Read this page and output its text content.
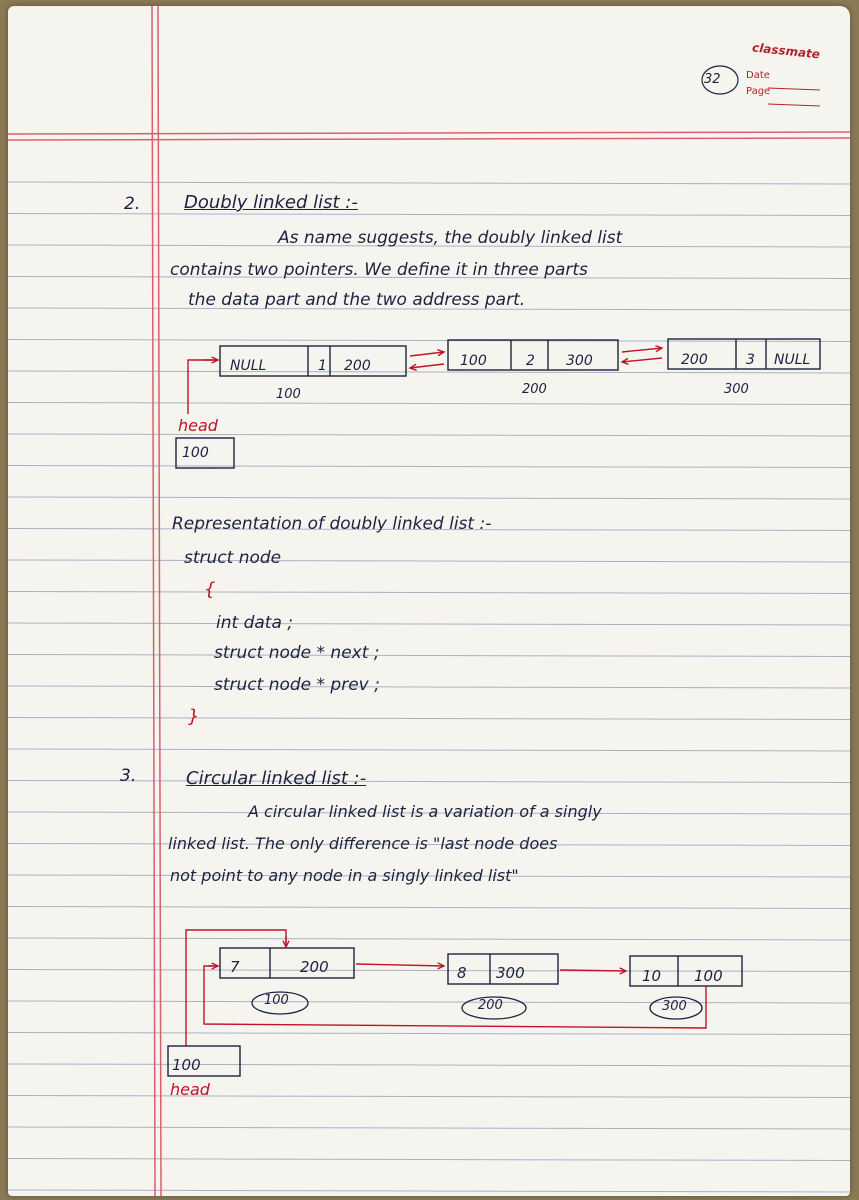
classmate
32	Date
Page
2. Doubly linked list :-
As name suggests, the doubly linked list
contains two pointers. We define it in three parts
the data part and the two address part.
NULL	1 200
100
100	2 300
200
200	3 NULL
300
head
100
Representation of doubly linked list :-
struct node
{
int data ;
struct node * next ;
struct node * prev ;
}
3.	Circular linked list :-
A circular linked list is a variation of a singly
linked list. The only difference is "last node does
not point to any node in a singly linked list"
7	200
100
8 300
200
10 100
300
100
head
